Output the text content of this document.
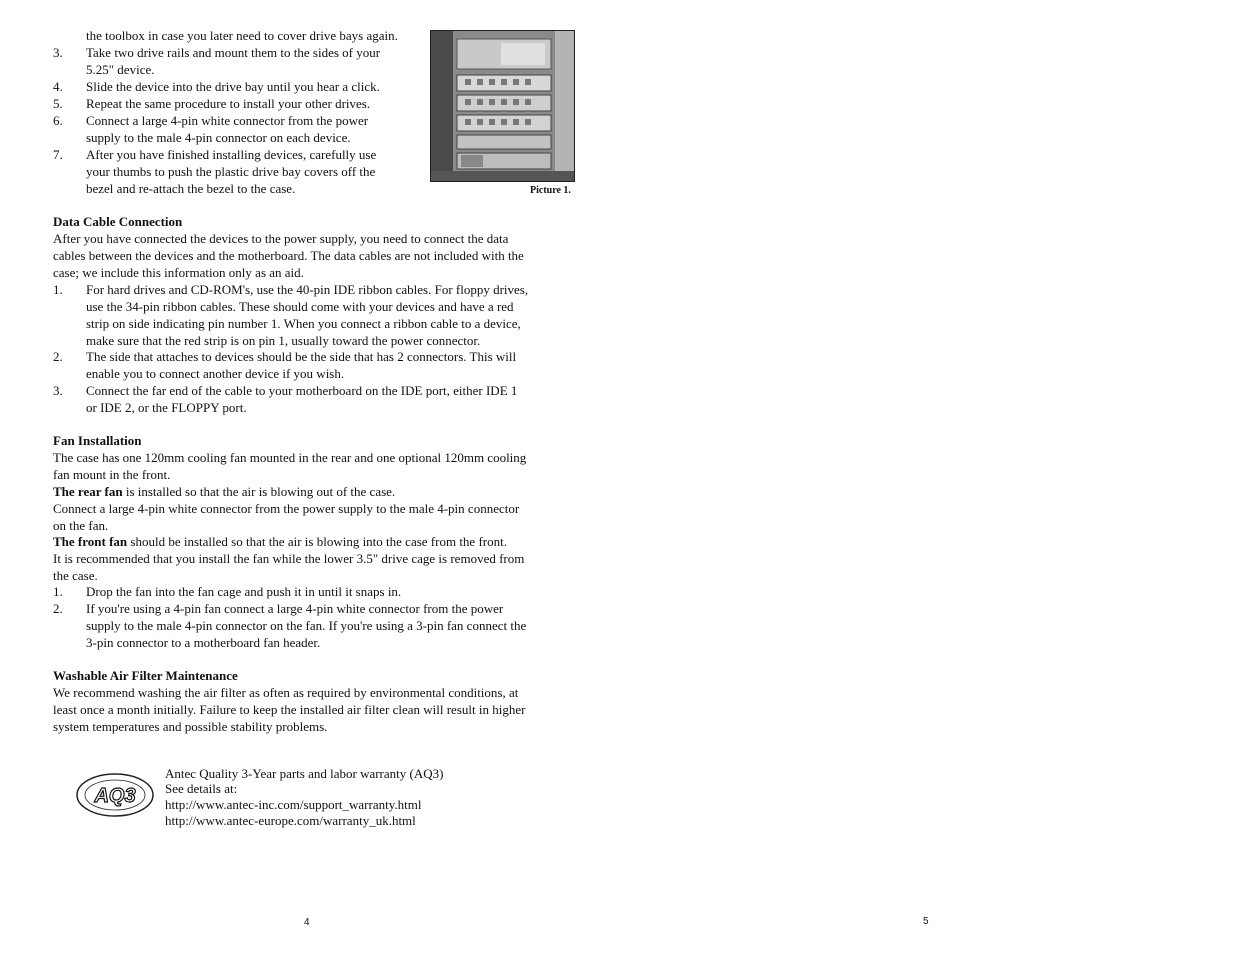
the toolbox in case you later need to cover drive bays again.
3. Take two drive rails and mount them to the sides of your
5.25" device.
4. Slide the device into the drive bay until you hear a click.
5. Repeat the same procedure to install your other drives.
6. Connect a large 4-pin white connector from the power
supply to the male 4-pin connector on each device.
7. After you have finished installing devices, carefully use
your thumbs to push the plastic drive bay covers off the
bezel and re-attach the bezel to the case.	Picture 1.
Data Cable Connection
After you have connected the devices to the power supply, you need to connect the data
cables between the devices and the motherboard. The data cables are not included with the
case; we include this information only as an aid.
1. For hard drives and CD-ROM's, use the 40-pin IDE ribbon cables. For floppy drives,
use the 34-pin ribbon cables. These should come with your devices and have a red
strip on side indicating pin number 1. When you connect a ribbon cable to a device,
make sure that the red strip is on pin 1, usually toward the power connector.
2. The side that attaches to devices should be the side that has 2 connectors. This will
enable you to connect another device if you wish.
3. Connect the far end of the cable to your motherboard on the IDE port, either IDE 1
or IDE 2, or the FLOPPY port.
Fan Installation
The case has one 120mm cooling fan mounted in the rear and one optional 120mm cooling
fan mount in the front.
The rear fan is installed so that the air is blowing out of the case.
Connect a large 4-pin white connector from the power supply to the male 4-pin connector
on the fan.
The front fan should be installed so that the air is blowing into the case from the front.
It is recommended that you install the fan while the lower 3.5" drive cage is removed from
the case.
1. Drop the fan into the fan cage and push it in until it snaps in.
2. If you're using a 4-pin fan connect a large 4-pin white connector from the power
supply to the male 4-pin connector on the fan. If you're using a 3-pin fan connect the
3-pin connector to a motherboard fan header.
Washable Air Filter Maintenance
We recommend washing the air filter as often as required by environmental conditions, at
least once a month initially. Failure to keep the installed air filter clean will result in higher
system temperatures and possible stability problems.
AQ3
Antec Quality 3-Year parts and labor warranty (AQ3)
See details at:
http://www.antec-inc.com/support_warranty.html
http://www.antec-europe.com/warranty_uk.html
4	5
